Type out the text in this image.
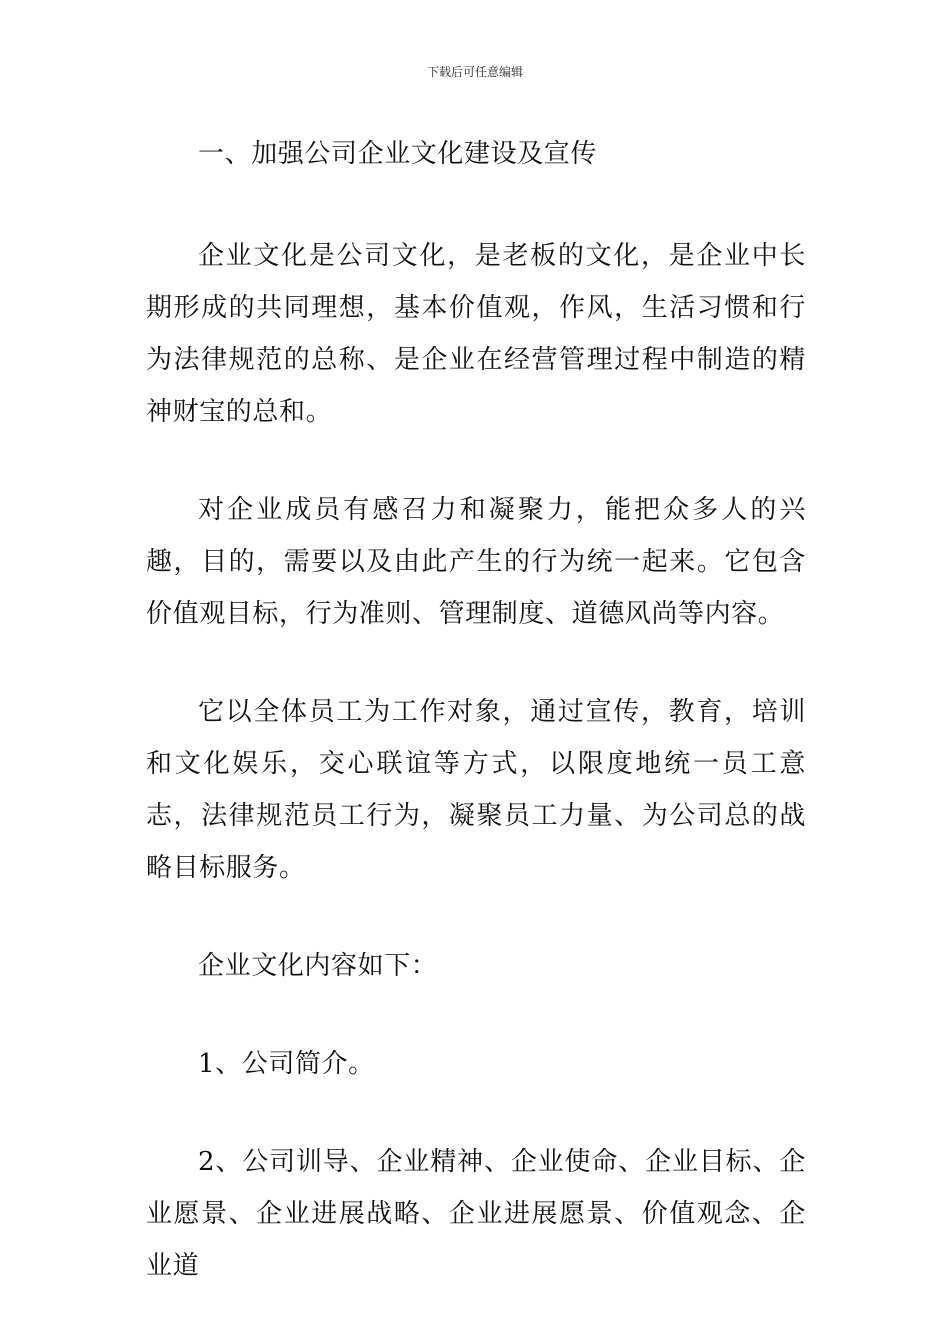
下载后可任意编辑

一、加强公司企业文化建设及宣传

企业文化是公司文化，是老板的文化，是企业中长期形成的共同理想，基本价值观，作风，生活习惯和行为法律规范的总称、是企业在经营管理过程中制造的精神财宝的总和。

对企业成员有感召力和凝聚力，能把众多人的兴趣，目的，需要以及由此产生的行为统一起来。它包含价值观目标，行为准则、管理制度、道德风尚等内容。

它以全体员工为工作对象，通过宣传，教育，培训和文化娱乐，交心联谊等方式，以限度地统一员工意志，法律规范员工行为，凝聚员工力量、为公司总的战略目标服务。

企业文化内容如下：

1、公司简介。

2、公司训导、企业精神、企业使命、企业目标、企业愿景、企业进展战略、企业进展愿景、价值观念、企业道
